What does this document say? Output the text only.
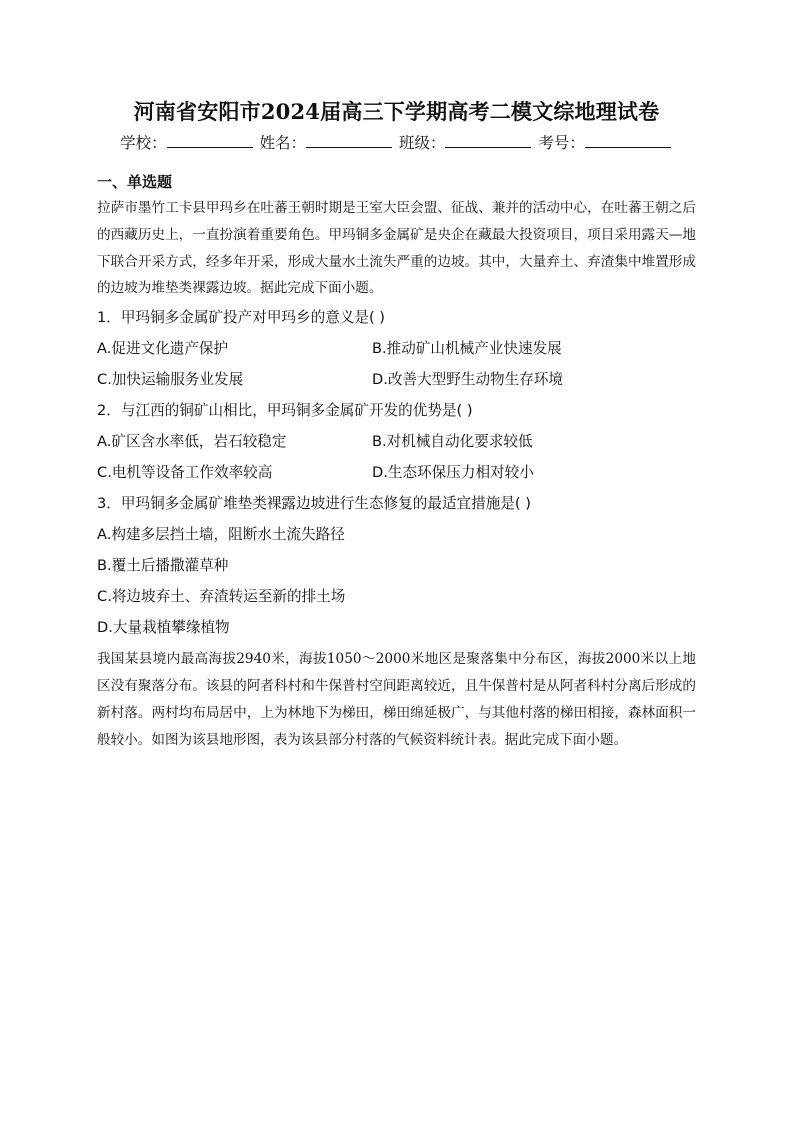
河南省安阳市2024届高三下学期高考二模文综地理试卷
学校：	姓名：	班级：	考号：
一、单选题

拉萨市墨竹工卡县甲玛乡在吐蕃王朝时期是王室大臣会盟、征战、兼并的活动中心，在吐蕃王朝之后的西藏历史上，一直扮演着重要角色。甲玛铜多金属矿是央企在藏最大投资项目，项目采用露天—地下联合开采方式，经多年开采，形成大量水土流失严重的边坡。其中，大量弃土、弃渣集中堆置形成的边坡为堆垫类裸露边坡。据此完成下面小题。

1．甲玛铜多金属矿投产对甲玛乡的意义是( )

A.促进文化遗产保护	B.推动矿山机械产业快速发展
C.加快运输服务业发展	D.改善大型野生动物生存环境

2．与江西的铜矿山相比，甲玛铜多金属矿开发的优势是( )

A.矿区含水率低，岩石较稳定	B.对机械自动化要求较低
C.电机等设备工作效率较高	D.生态环保压力相对较小

3．甲玛铜多金属矿堆垫类裸露边坡进行生态修复的最适宜措施是( )

A.构建多层挡土墙，阻断水土流失路径
B.覆土后播撒灌草种
C.将边坡弃土、弃渣转运至新的排土场
D.大量栽植攀缘植物

我国某县境内最高海拔2940米，海拔1050～2000米地区是聚落集中分布区，海拔2000米以上地区没有聚落分布。该县的阿者科村和牛保普村空间距离较近，且牛保普村是从阿者科村分离后形成的新村落。两村均布局居中，上为林地下为梯田，梯田绵延极广，与其他村落的梯田相接，森林面积一般较小。如图为该县地形图，表为该县部分村落的气候资料统计表。据此完成下面小题。
